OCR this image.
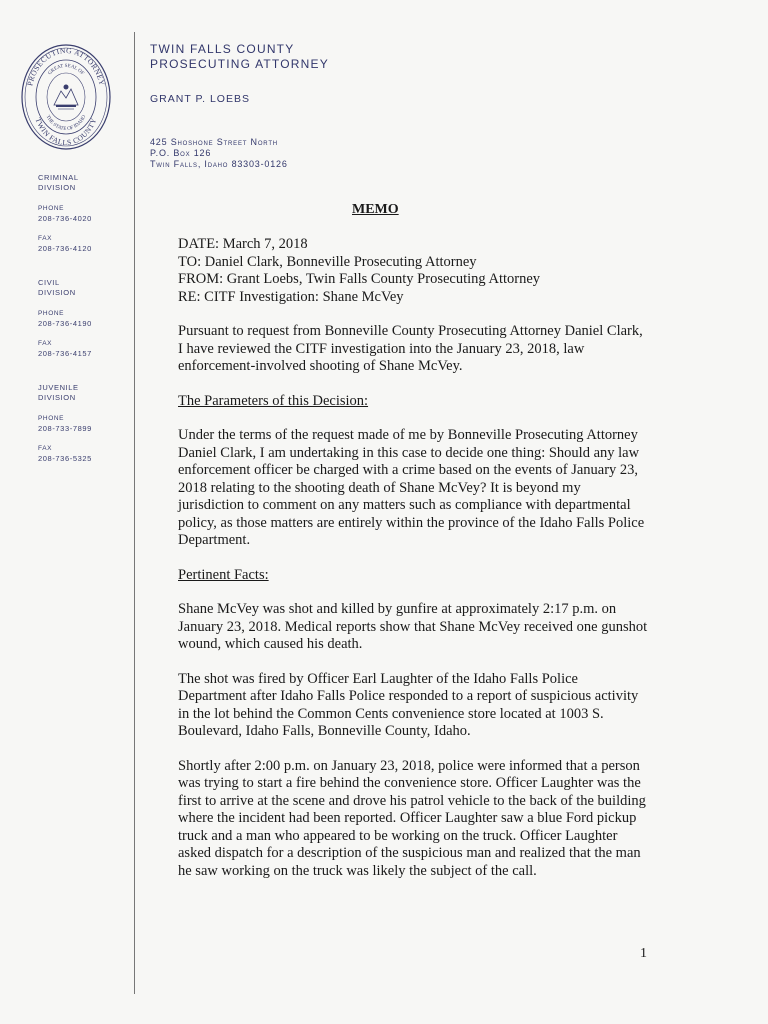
PROSECUTING ATTORNEY
TWIN FALLS COUNTY
GREAT SEAL OF
THE STATE OF IDAHO
TWIN FALLS COUNTY
PROSECUTING ATTORNEY
GRANT P. LOEBS
425 Shoshone Street North
P.O. Box 126
Twin Falls, Idaho 83303-0126
CRIMINAL
DIVISION
PHONE
208-736-4020
FAX
208-736-4120
CIVIL
DIVISION
PHONE
208-736-4190
FAX
208-736-4157
JUVENILE
DIVISION
PHONE
208-733-7899
FAX
208-736-5325
MEMO
DATE: March 7, 2018
TO: Daniel Clark, Bonneville Prosecuting Attorney
FROM: Grant Loebs, Twin Falls County Prosecuting Attorney
RE: CITF Investigation: Shane McVey
Pursuant to request from Bonneville County Prosecuting Attorney Daniel Clark, I have reviewed the CITF investigation into the January 23, 2018, law enforcement-involved shooting of Shane McVey.
The Parameters of this Decision:
Under the terms of the request made of me by Bonneville Prosecuting Attorney Daniel Clark, I am undertaking in this case to decide one thing: Should any law enforcement officer be charged with a crime based on the events of January 23, 2018 relating to the shooting death of Shane McVey? It is beyond my jurisdiction to comment on any matters such as compliance with departmental policy, as those matters are entirely within the province of the Idaho Falls Police Department.
Pertinent Facts:
Shane McVey was shot and killed by gunfire at approximately 2:17 p.m. on January 23, 2018. Medical reports show that Shane McVey received one gunshot wound, which caused his death.
The shot was fired by Officer Earl Laughter of the Idaho Falls Police Department after Idaho Falls Police responded to a report of suspicious activity in the lot behind the Common Cents convenience store located at 1003 S. Boulevard, Idaho Falls, Bonneville County, Idaho.
Shortly after 2:00 p.m. on January 23, 2018, police were informed that a person was trying to start a fire behind the convenience store. Officer Laughter was the first to arrive at the scene and drove his patrol vehicle to the back of the building where the incident had been reported. Officer Laughter saw a blue Ford pickup truck and a man who appeared to be working on the truck. Officer Laughter asked dispatch for a description of the suspicious man and realized that the man he saw working on the truck was likely the subject of the call.
1
